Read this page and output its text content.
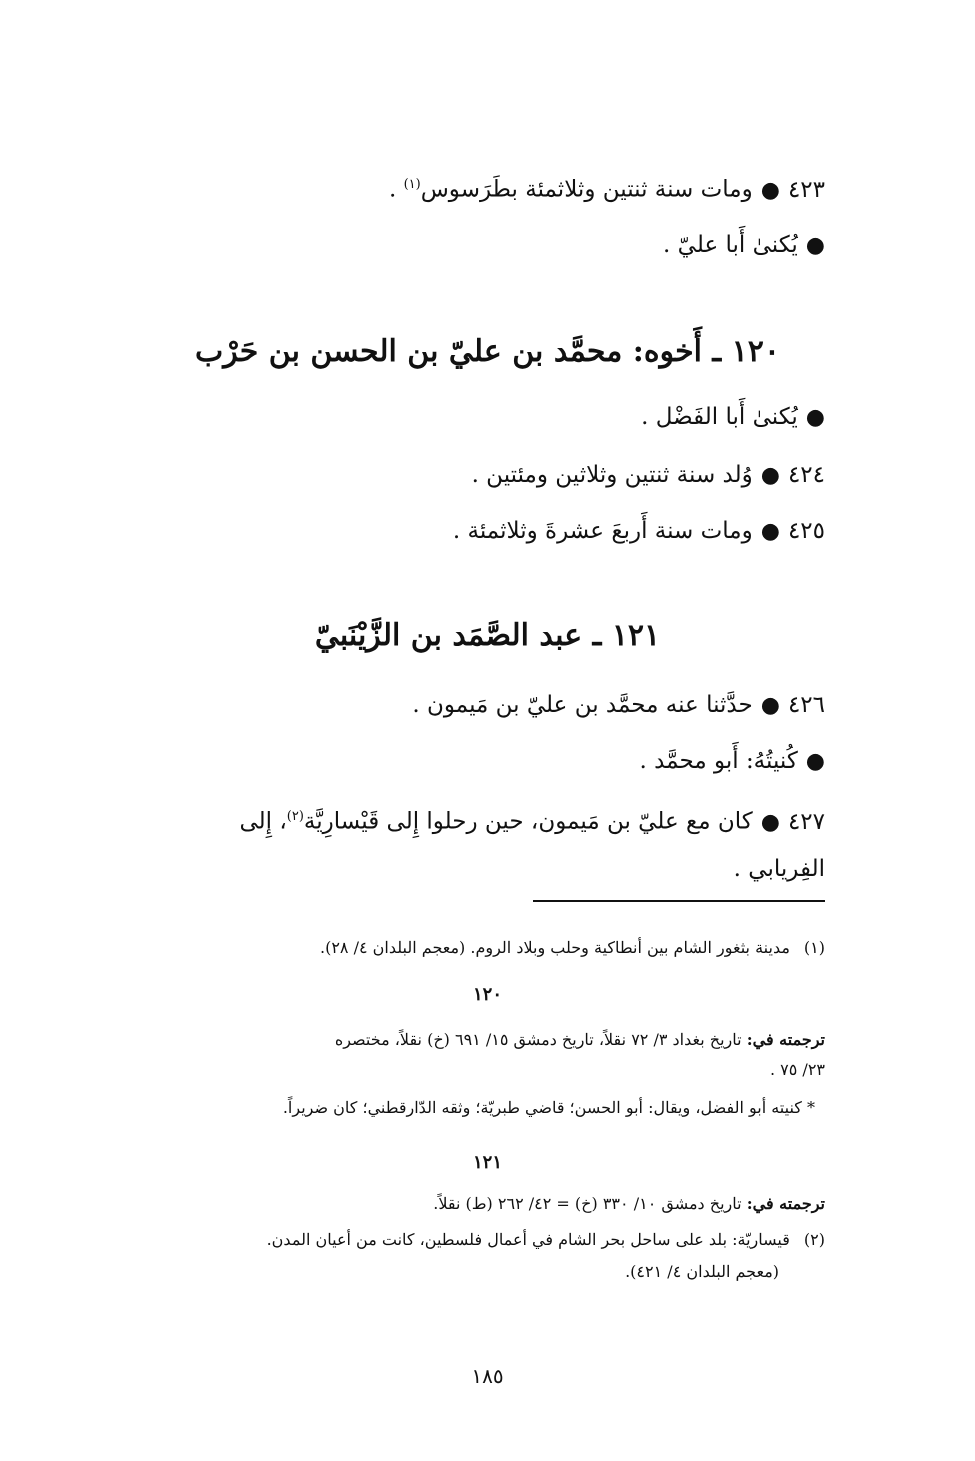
٤٢٣●ومات سنة ثنتين وثلاثمئة بطَرَسوس$^{(١)}$ .
●يُكنىٰ أَبا عليّ .
١٢٠ ـ أَخوه: محمَّد بن عليّ بن الحسن بن حَرْب
●يُكنىٰ أَبا الفَضْل .
٤٢٤●وُلد سنة ثنتين وثلاثين ومئتين .
٤٢٥●ومات سنة أَربعَ عشرةَ وثلاثمئة .
١٢١ ـ عبد الصَّمَد بن الزَّيْنَبيّ
٤٢٦●حدَّثنا عنه محمَّد بن عليّ بن مَيمون .
●كُنيتُهُ: أَبو محمَّد .
٤٢٧●كان مع عليّ بن مَيمون، حين رحلوا إِلى قَيْسارِيَّة$^{(٢)}$، إِلى
الفِريابي .
(١)مدينة بثغور الشام بين أنطاكية وحلب وبلاد الروم. (معجم البلدان ٤/ ٢٨).
١٢٠
ترجمته في: تاريخ بغداد ٣/ ٧٢ نقلاً، تاريخ دمشق ١٥/ ٦٩١ (خ) نقلاً، مختصره
٢٣/ ٧٥ .
* كنيته أبو الفضل، ويقال: أبو الحسن؛ قاضي طبريّة؛ وثقه الدّارقطني؛ كان ضريراً.
١٢١
ترجمته في: تاريخ دمشق ١٠/ ٣٣٠ (خ) = ٤٢/ ٢٦٢ (ط) نقلاً.
(٢)قيساريّة: بلد على ساحل بحر الشام في أعمال فلسطين، كانت من أعيان المدن.
(معجم البلدان ٤/ ٤٢١).
١٨٥
